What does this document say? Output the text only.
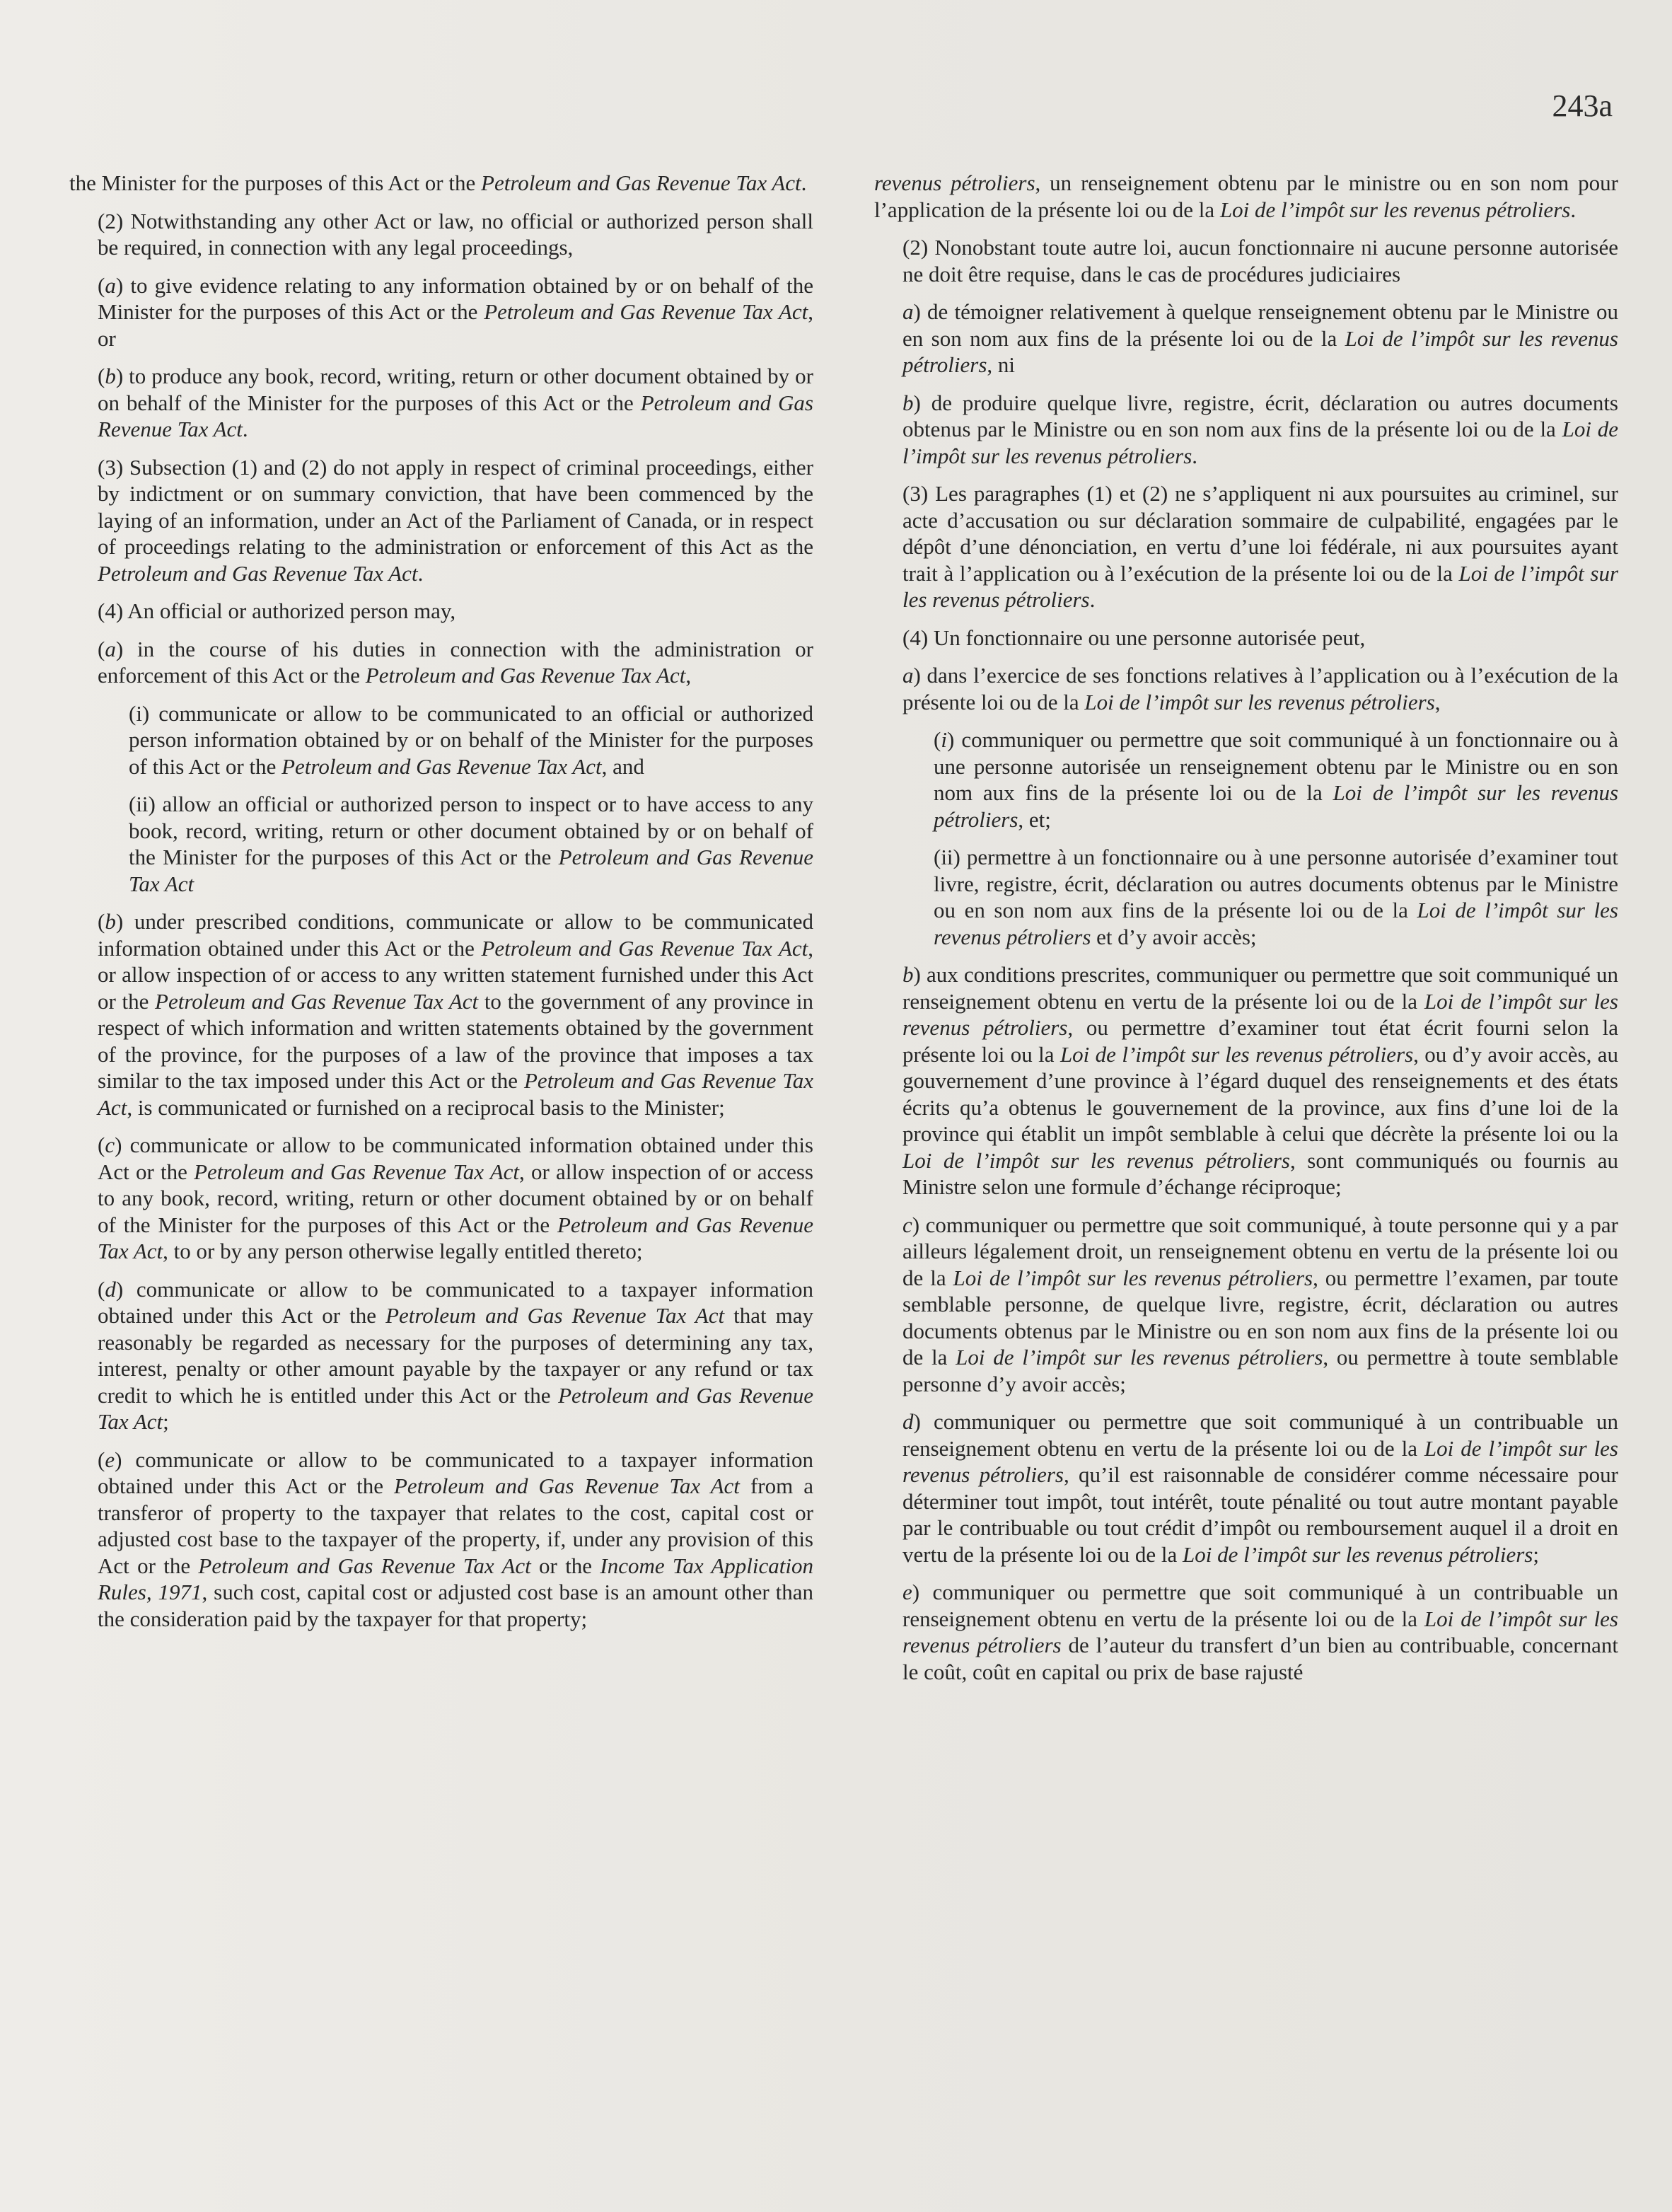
243a

the Minister for the purposes of this Act or the Petroleum and Gas Revenue Tax Act.

(2) Notwithstanding any other Act or law, no official or authorized person shall be required, in connection with any legal proceedings,

(a) to give evidence relating to any information obtained by or on behalf of the Minister for the purposes of this Act or the Petroleum and Gas Revenue Tax Act, or

(b) to produce any book, record, writing, return or other document obtained by or on behalf of the Minister for the purposes of this Act or the Petroleum and Gas Revenue Tax Act.

(3) Subsection (1) and (2) do not apply in respect of criminal proceedings, either by indictment or on summary conviction, that have been commenced by the laying of an information, under an Act of the Parliament of Canada, or in respect of proceedings relating to the administration or enforcement of this Act as the Petroleum and Gas Revenue Tax Act.

(4) An official or authorized person may,

(a) in the course of his duties in connection with the administration or enforcement of this Act or the Petroleum and Gas Revenue Tax Act,

(i) communicate or allow to be communicated to an official or authorized person information obtained by or on behalf of the Minister for the purposes of this Act or the Petroleum and Gas Revenue Tax Act, and

(ii) allow an official or authorized person to inspect or to have access to any book, record, writing, return or other document obtained by or on behalf of the Minister for the purposes of this Act or the Petroleum and Gas Revenue Tax Act

(b) under prescribed conditions, communicate or allow to be communicated information obtained under this Act or the Petroleum and Gas Revenue Tax Act, or allow inspection of or access to any written statement furnished under this Act or the Petroleum and Gas Revenue Tax Act to the government of any province in respect of which information and written statements obtained by the government of the province, for the purposes of a law of the province that imposes a tax similar to the tax imposed under this Act or the Petroleum and Gas Revenue Tax Act, is communicated or furnished on a reciprocal basis to the Minister;

(c) communicate or allow to be communicated information obtained under this Act or the Petroleum and Gas Revenue Tax Act, or allow inspection of or access to any book, record, writing, return or other document obtained by or on behalf of the Minister for the purposes of this Act or the Petroleum and Gas Revenue Tax Act, to or by any person otherwise legally entitled thereto;

(d) communicate or allow to be communicated to a taxpayer information obtained under this Act or the Petroleum and Gas Revenue Tax Act that may reasonably be regarded as necessary for the purposes of determining any tax, interest, penalty or other amount payable by the taxpayer or any refund or tax credit to which he is entitled under this Act or the Petroleum and Gas Revenue Tax Act;

(e) communicate or allow to be communicated to a taxpayer information obtained under this Act or the Petroleum and Gas Revenue Tax Act from a transferor of property to the taxpayer that relates to the cost, capital cost or adjusted cost base to the taxpayer of the property, if, under any provision of this Act or the Petroleum and Gas Revenue Tax Act or the Income Tax Application Rules, 1971, such cost, capital cost or adjusted cost base is an amount other than the consideration paid by the taxpayer for that property;

revenus pétroliers, un renseignement obtenu par le ministre ou en son nom pour l’application de la présente loi ou de la Loi de l’impôt sur les revenus pétroliers.

(2) Nonobstant toute autre loi, aucun fonctionnaire ni aucune personne autorisée ne doit être requise, dans le cas de procédures judiciaires

a) de témoigner relativement à quelque renseignement obtenu par le Ministre ou en son nom aux fins de la présente loi ou de la Loi de l’impôt sur les revenus pétroliers, ni

b) de produire quelque livre, registre, écrit, déclaration ou autres documents obtenus par le Ministre ou en son nom aux fins de la présente loi ou de la Loi de l’impôt sur les revenus pétroliers.

(3) Les paragraphes (1) et (2) ne s’appliquent ni aux poursuites au criminel, sur acte d’accusation ou sur déclaration sommaire de culpabilité, engagées par le dépôt d’une dénonciation, en vertu d’une loi fédérale, ni aux poursuites ayant trait à l’application ou à l’exécution de la présente loi ou de la Loi de l’impôt sur les revenus pétroliers.

(4) Un fonctionnaire ou une personne autorisée peut,

a) dans l’exercice de ses fonctions relatives à l’application ou à l’exécution de la présente loi ou de la Loi de l’impôt sur les revenus pétroliers,

(i) communiquer ou permettre que soit communiqué à un fonctionnaire ou à une personne autorisée un renseignement obtenu par le Ministre ou en son nom aux fins de la présente loi ou de la Loi de l’impôt sur les revenus pétroliers, et;

(ii) permettre à un fonctionnaire ou à une personne autorisée d’examiner tout livre, registre, écrit, déclaration ou autres documents obtenus par le Ministre ou en son nom aux fins de la présente loi ou de la Loi de l’impôt sur les revenus pétroliers et d’y avoir accès;

b) aux conditions prescrites, communiquer ou permettre que soit communiqué un renseignement obtenu en vertu de la présente loi ou de la Loi de l’impôt sur les revenus pétroliers, ou permettre d’examiner tout état écrit fourni selon la présente loi ou la Loi de l’impôt sur les revenus pétroliers, ou d’y avoir accès, au gouvernement d’une province à l’égard duquel des renseignements et des états écrits qu’a obtenus le gouvernement de la province, aux fins d’une loi de la province qui établit un impôt semblable à celui que décrète la présente loi ou la Loi de l’impôt sur les revenus pétroliers, sont communiqués ou fournis au Ministre selon une formule d’échange réciproque;

c) communiquer ou permettre que soit communiqué, à toute personne qui y a par ailleurs légalement droit, un renseignement obtenu en vertu de la présente loi ou de la Loi de l’impôt sur les revenus pétroliers, ou permettre l’examen, par toute semblable personne, de quelque livre, registre, écrit, déclaration ou autres documents obtenus par le Ministre ou en son nom aux fins de la présente loi ou de la Loi de l’impôt sur les revenus pétroliers, ou permettre à toute semblable personne d’y avoir accès;

d) communiquer ou permettre que soit communiqué à un contribuable un renseignement obtenu en vertu de la présente loi ou de la Loi de l’impôt sur les revenus pétroliers, qu’il est raisonnable de considérer comme nécessaire pour déterminer tout impôt, tout intérêt, toute pénalité ou tout autre montant payable par le contribuable ou tout crédit d’impôt ou remboursement auquel il a droit en vertu de la présente loi ou de la Loi de l’impôt sur les revenus pétroliers;

e) communiquer ou permettre que soit communiqué à un contribuable un renseignement obtenu en vertu de la présente loi ou de la Loi de l’impôt sur les revenus pétroliers de l’auteur du transfert d’un bien au contribuable, concernant le coût, coût en capital ou prix de base rajusté
